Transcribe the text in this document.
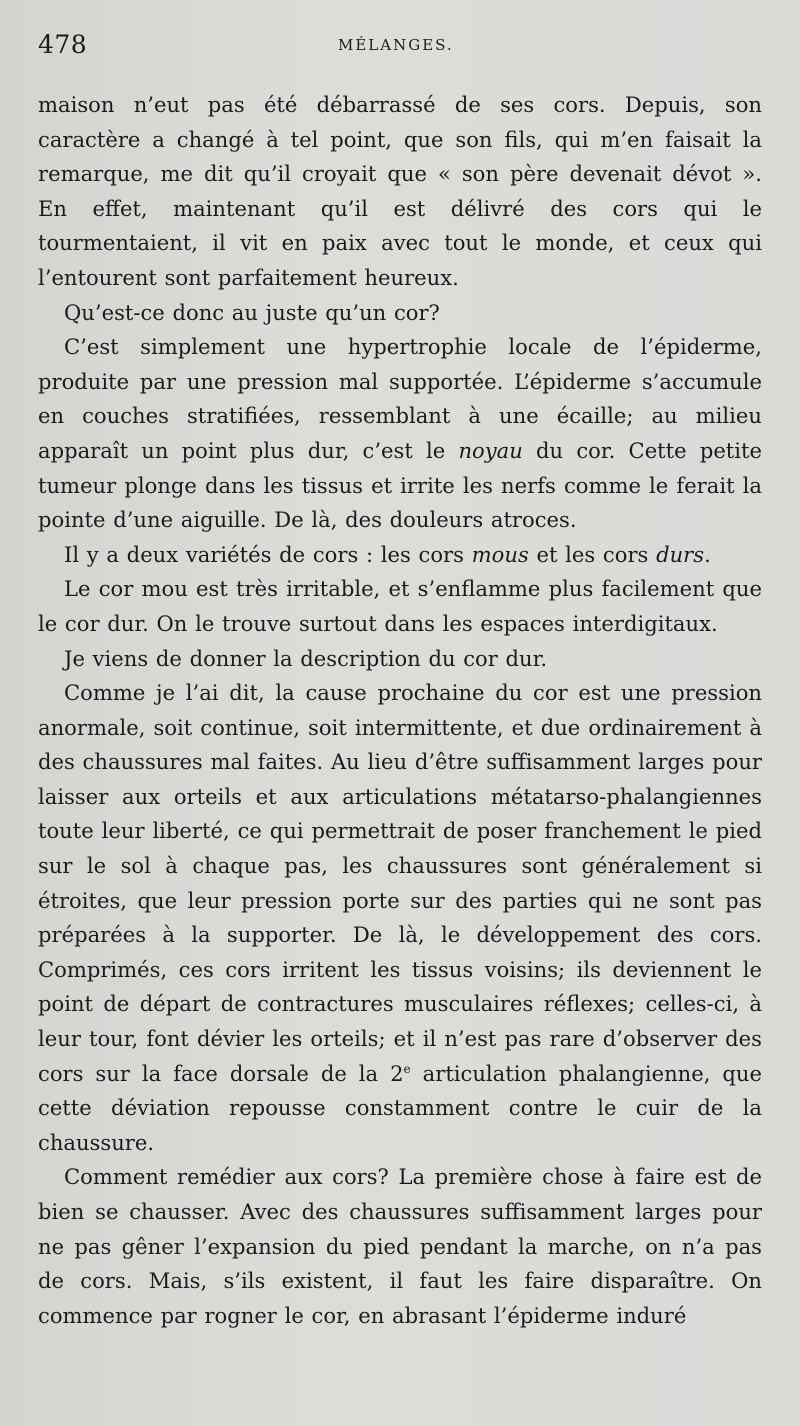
478	MÉLANGES.

maison n’eut pas été débarrassé de ses cors. Depuis, son caractère a changé à tel point, que son fils, qui m’en faisait la remarque, me dit qu’il croyait que « son père devenait dévot ». En effet, maintenant qu’il est délivré des cors qui le tourmentaient, il vit en paix avec tout le monde, et ceux qui l’entourent sont parfaitement heureux.

Qu’est-ce donc au juste qu’un cor?

C’est simplement une hypertrophie locale de l’épiderme, produite par une pression mal supportée. L’épiderme s’accumule en couches stratifiées, ressemblant à une écaille; au milieu apparaît un point plus dur, c’est le noyau du cor. Cette petite tumeur plonge dans les tissus et irrite les nerfs comme le ferait la pointe d’une aiguille. De là, des douleurs atroces.

Il y a deux variétés de cors : les cors mous et les cors durs.

Le cor mou est très irritable, et s’enflamme plus facilement que le cor dur. On le trouve surtout dans les espaces interdigitaux.

Je viens de donner la description du cor dur.

Comme je l’ai dit, la cause prochaine du cor est une pression anormale, soit continue, soit intermittente, et due ordinairement à des chaussures mal faites. Au lieu d’être suffisamment larges pour laisser aux orteils et aux articulations métatarso-phalangiennes toute leur liberté, ce qui permettrait de poser franchement le pied sur le sol à chaque pas, les chaussures sont généralement si étroites, que leur pression porte sur des parties qui ne sont pas préparées à la supporter. De là, le développement des cors. Comprimés, ces cors irritent les tissus voisins; ils deviennent le point de départ de contractures musculaires réflexes; celles-ci, à leur tour, font dévier les orteils; et il n’est pas rare d’observer des cors sur la face dorsale de la 2e articulation phalangienne, que cette déviation repousse constamment contre le cuir de la chaussure.

Comment remédier aux cors? La première chose à faire est de bien se chausser. Avec des chaussures suffisamment larges pour ne pas gêner l’expansion du pied pendant la marche, on n’a pas de cors. Mais, s’ils existent, il faut les faire disparaître. On commence par rogner le cor, en abrasant l’épiderme induré
